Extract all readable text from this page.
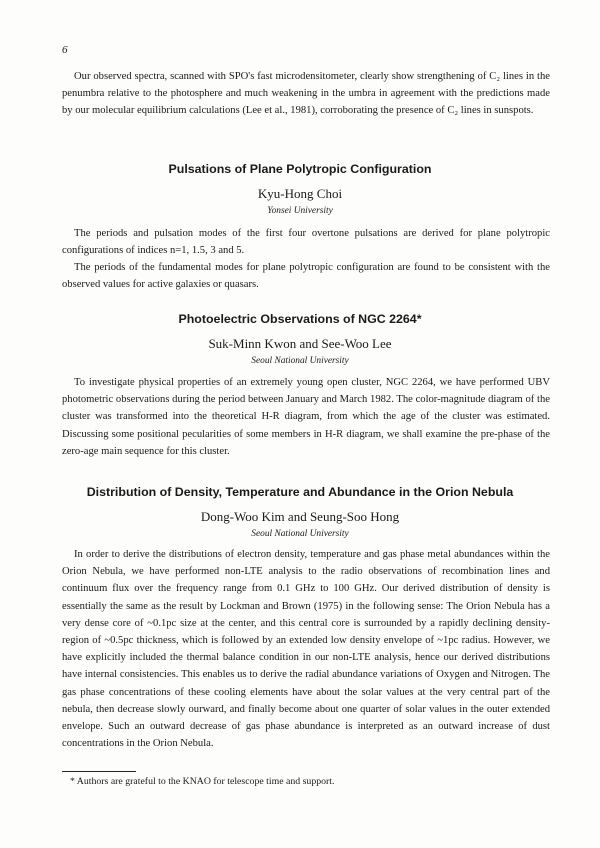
6

Our observed spectra, scanned with SPO's fast microdensitometer, clearly show strengthening of C₂ lines in the penumbra relative to the photosphere and much weakening in the umbra in agreement with the predictions made by our molecular equilibrium calculations (Lee et al., 1981), corroborating the presence of C₂ lines in sunspots.

Pulsations of Plane Polytropic Configuration
Kyu-Hong Choi
Yonsei University

The periods and pulsation modes of the first four overtone pulsations are derived for plane polytropic configurations of indices n=1, 1.5, 3 and 5.

The periods of the fundamental modes for plane polytropic configuration are found to be consistent with the observed values for active galaxies or quasars.

Photoelectric Observations of NGC 2264*
Suk-Minn Kwon and See-Woo Lee
Seoul National University

To investigate physical properties of an extremely young open cluster, NGC 2264, we have performed UBV photometric observations during the period between January and March 1982. The color-magnitude diagram of the cluster was transformed into the theoretical H-R diagram, from which the age of the cluster was estimated. Discussing some positional pecularities of some members in H-R diagram, we shall examine the pre-phase of the zero-age main sequence for this cluster.

Distribution of Density, Temperature and Abundance in the Orion Nebula
Dong-Woo Kim and Seung-Soo Hong
Seoul National University

In order to derive the distributions of electron density, temperature and gas phase metal abundances within the Orion Nebula, we have performed non-LTE analysis to the radio observations of recombination lines and continuum flux over the frequency range from 0.1 GHz to 100 GHz. Our derived distribution of density is essentially the same as the result by Lockman and Brown (1975) in the following sense: The Orion Nebula has a very dense core of ~0.1pc size at the center, and this central core is surrounded by a rapidly declining density-region of ~0.5pc thickness, which is followed by an extended low density envelope of ~1pc radius. However, we have explicitly included the thermal balance condition in our non-LTE analysis, hence our derived distributions have internal consistencies. This enables us to derive the radial abundance variations of Oxygen and Nitrogen. The gas phase concentrations of these cooling elements have about the solar values at the very central part of the nebula, then decrease slowly ourward, and finally become about one quarter of solar values in the outer extended envelope. Such an outward decrease of gas phase abundance is interpreted as an outward increase of dust concentrations in the Orion Nebula.

* Authors are grateful to the KNAO for telescope time and support.
